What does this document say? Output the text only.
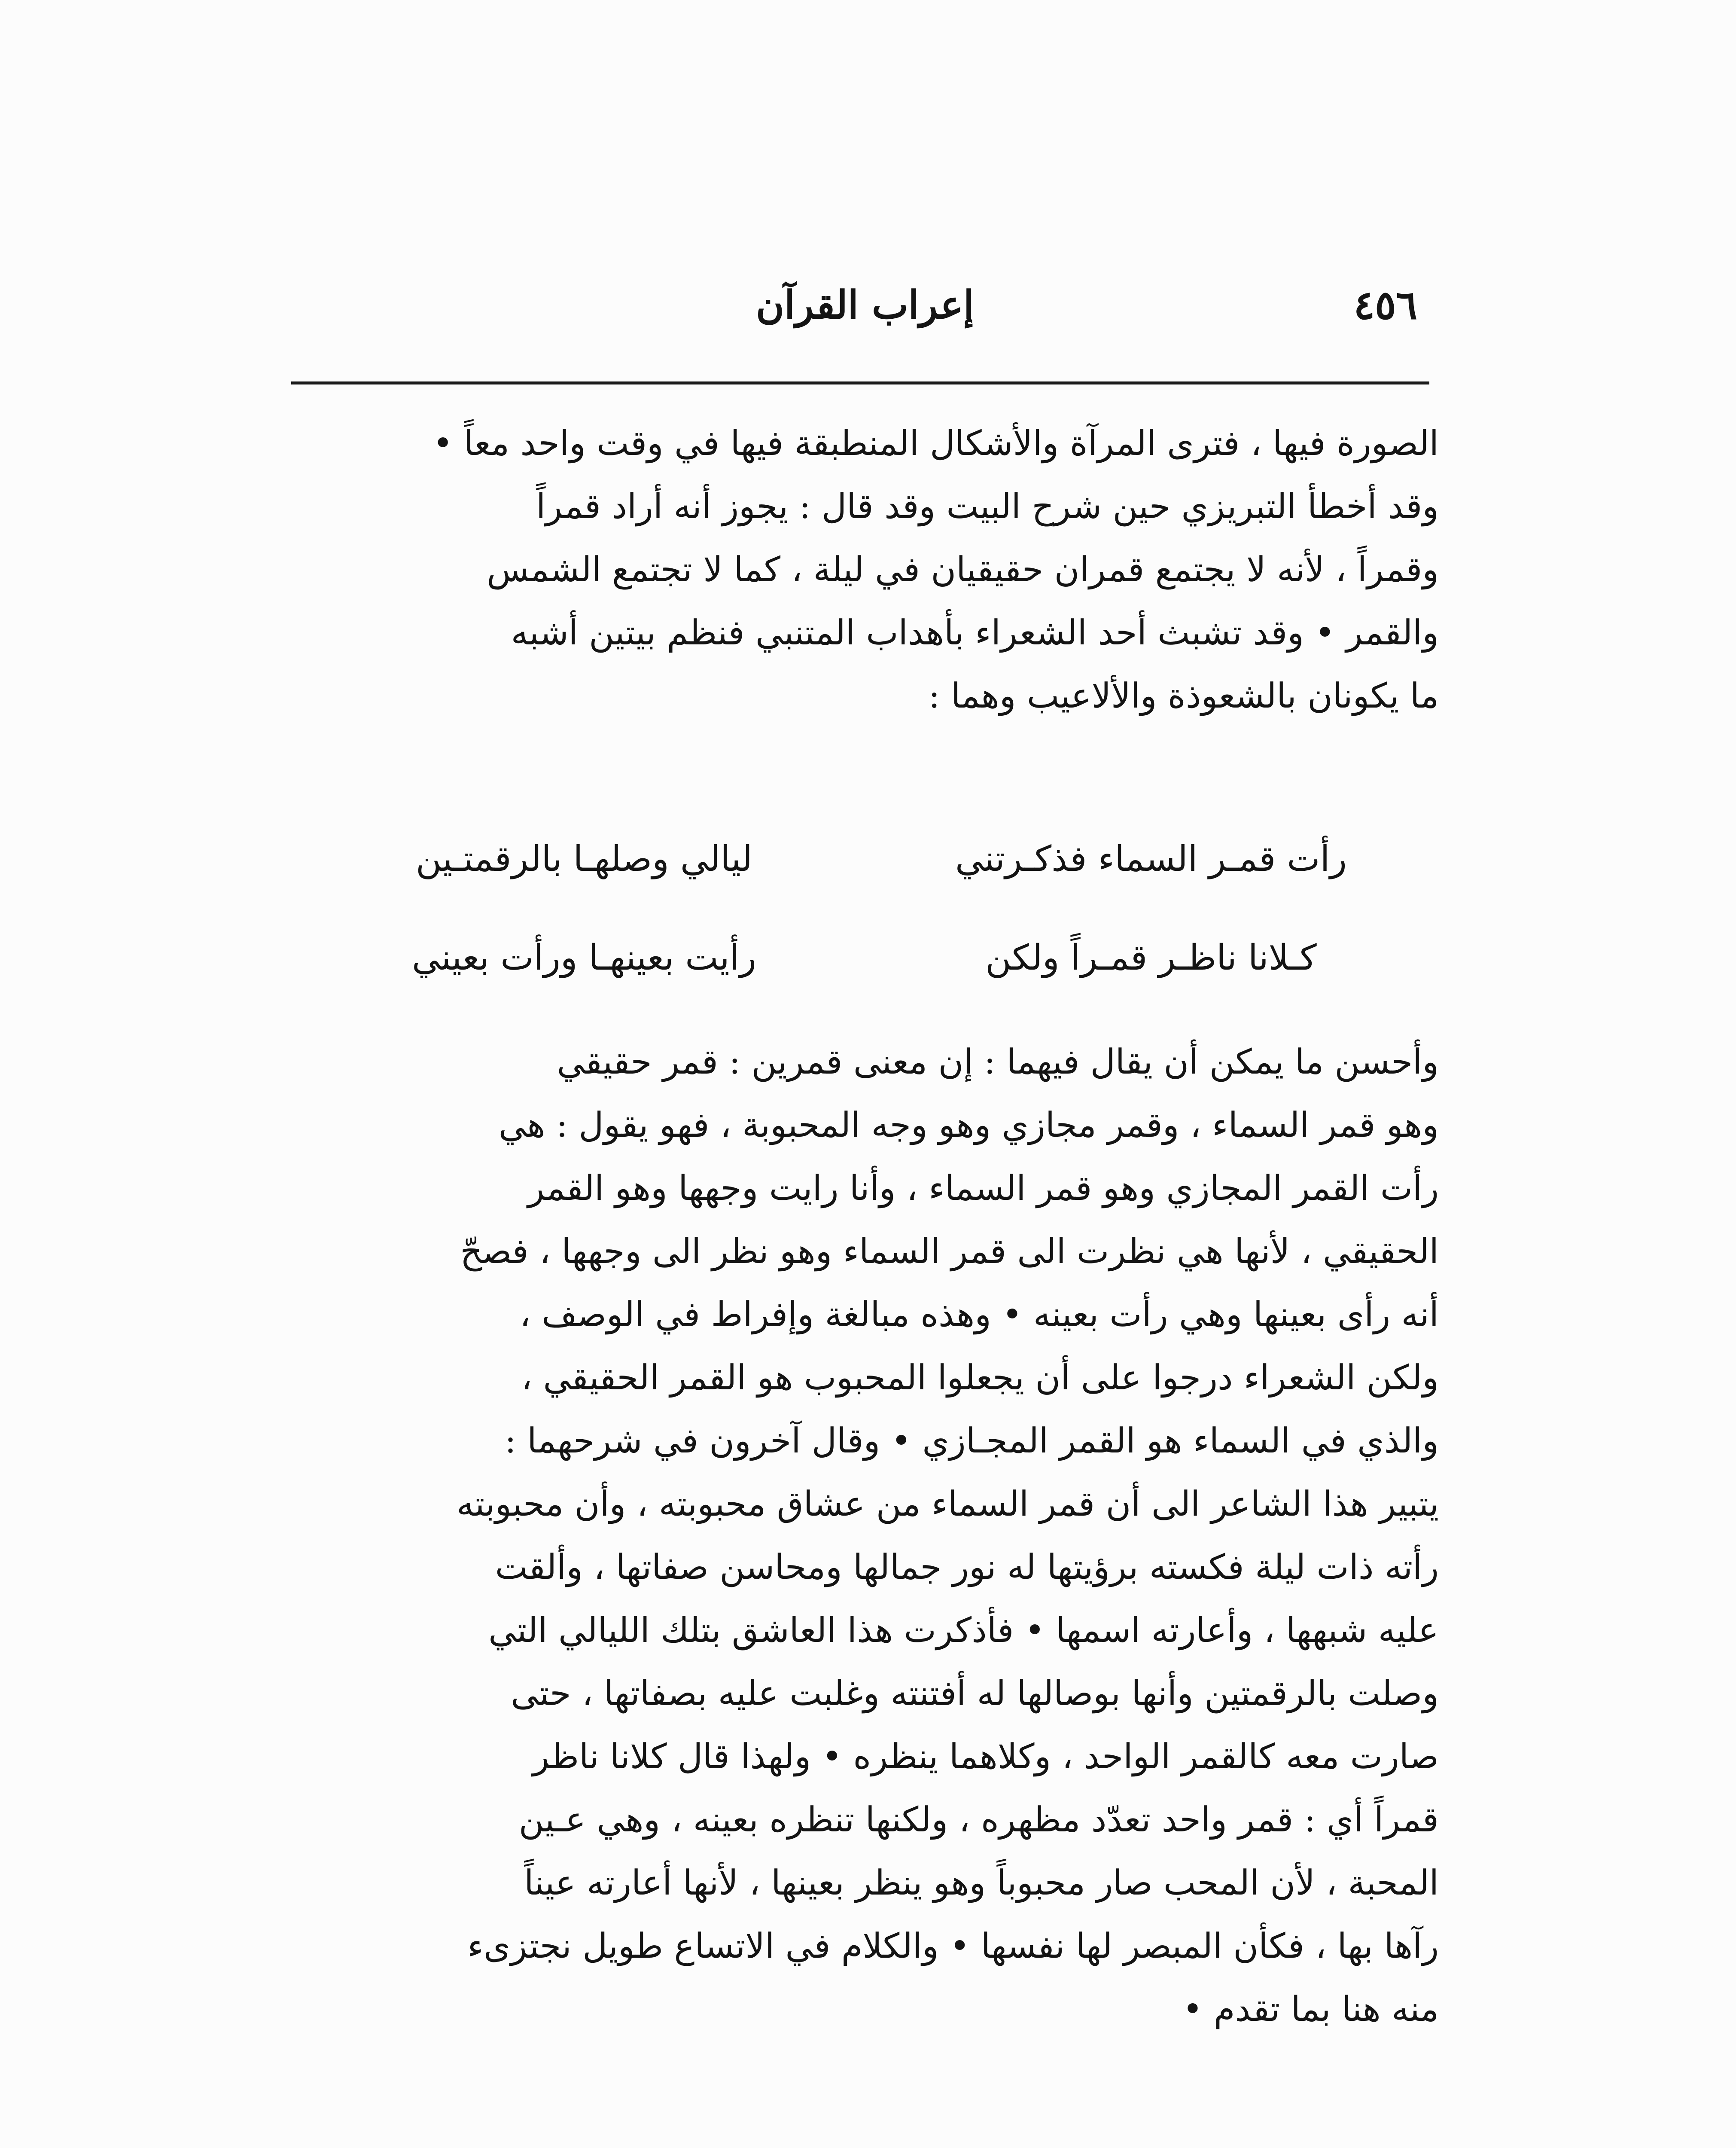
٤٥٦
إعراب القرآن
الصورة فيها ، فترى المرآة والأشكال المنطبقة فيها في وقت واحد معاً •
وقد أخطأ التبريزي حين شرح البيت وقد قال : يجوز أنه أراد قمراً
وقمراً ، لأنه لا يجتمع قمران حقيقيان في ليلة ، كما لا تجتمع الشمس
والقمر • وقد تشبث أحد الشعراء بأهداب المتنبي فنظم بيتين أشبه
ما يكونان بالشعوذة والألاعيب وهما :
رأت قمـر السماء فذكـرتني
ليالي وصلهـا بالرقمتـين
كـلانا ناظـر قمـراً ولكن
رأيت بعينهـا ورأت بعيني
وأحسن ما يمكن أن يقال فيهما : إن معنى قمرين : قمر حقيقي
وهو قمر السماء ، وقمر مجازي وهو وجه المحبوبة ، فهو يقول : هي
رأت القمر المجازي وهو قمر السماء ، وأنا رايت وجهها وهو القمر
الحقيقي ، لأنها هي نظرت الى قمر السماء وهو نظر الى وجهها ، فصحّ
أنه رأى بعينها وهي رأت بعينه • وهذه مبالغة وإفراط في الوصف ،
ولكن الشعراء درجوا على أن يجعلوا المحبوب هو القمر الحقيقي ،
والذي في السماء هو القمر المجـازي • وقال آخرون في شرحهما :
يتبير هذا الشاعر الى أن قمر السماء من عشاق محبوبته ، وأن محبوبته
رأته ذات ليلة فكسته برؤيتها له نور جمالها ومحاسن صفاتها ، وألقت
عليه شبهها ، وأعارته اسمها • فأذكرت هذا العاشق بتلك الليالي التي
وصلت بالرقمتين وأنها بوصالها له أفتنته وغلبت عليه بصفاتها ، حتى
صارت معه كالقمر الواحد ، وكلاهما ينظره • ولهذا قال كلانا ناظر
قمراً أي : قمر واحد تعدّد مظهره ، ولكنها تنظره بعينه ، وهي عـين
المحبة ، لأن المحب صار محبوباً وهو ينظر بعينها ، لأنها أعارته عيناً
رآها بها ، فكأن المبصر لها نفسها • والكلام في الاتساع طويل نجتزىء
منه هنا بما تقدم •
